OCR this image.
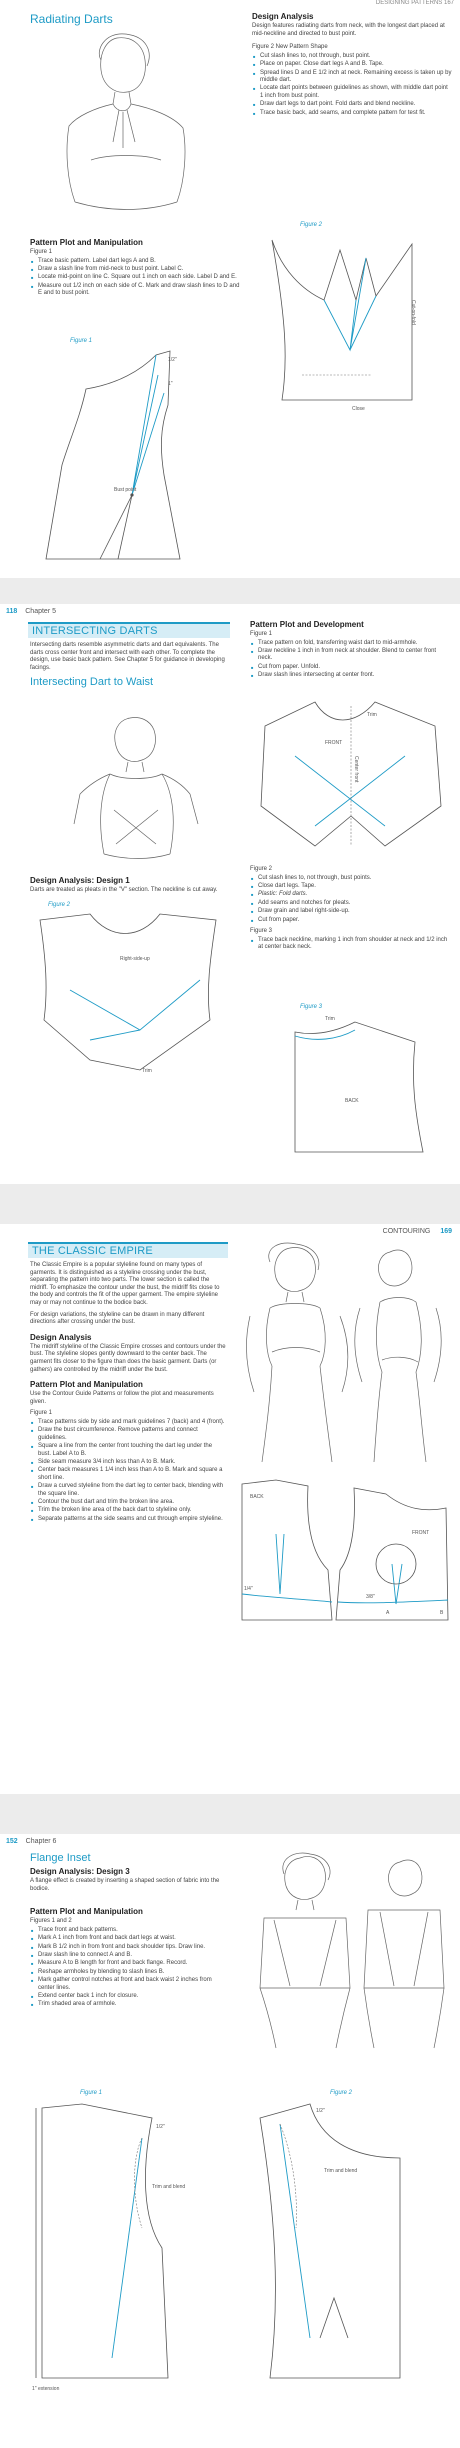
DESIGNING PATTERNS 167
Radiating Darts
Pattern Plot and Manipulation
Figure 1
■ Trace basic pattern. Label dart legs A and B.
■ Draw a slash line from mid-neck to bust point. Label C.
■ Locate mid-point on line C. Square out 1 inch on each side. Label D and E.
■ Measure out 1/2 inch on each side of C. Mark and draw slash lines to D and E and to bust point.
Figure 1
Bust point
1/2"
1"
Design Analysis
Design features radiating darts from neck, with the longest dart placed at mid-neckline and directed to bust point.
Figure 2 New Pattern Shape
■ Cut slash lines to, not through, bust point.
■ Place on paper. Close dart legs A and B. Tape.
■ Spread lines D and E 1/2 inch at neck. Remaining excess is taken up by middle dart.
■ Locate dart points between guidelines as shown, with middle dart point 1 inch from bust point.
■ Draw dart legs to dart point. Fold darts and blend neckline.
■ Trace basic back, add seams, and complete pattern for test fit.
Figure 2
Cut-on-fold
Close
118 Chapter 5
INTERSECTING DARTS
Intersecting darts resemble asymmetric darts and dart equivalents. The darts cross center front and intersect with each other. To complete the design, use basic back pattern. See Chapter 5 for guidance in developing facings.
Intersecting Dart to Waist
Design Analysis: Design 1
Darts are treated as pleats in the "V" section. The neckline is cut away.
Figure 2
Right-side-up
Trim
Pattern Plot and Development
Figure 1
■ Trace pattern on fold, transferring waist dart to mid-armhole.
■ Draw neckline 1 inch in from neck at shoulder. Blend to center front neck.
■ Cut from paper. Unfold.
■ Draw slash lines intersecting at center front.
FRONT
Center front
Trim
Figure 2
■ Cut slash lines to, not through, bust points.
■ Close dart legs. Tape.
■ Plastic: Fold darts.
■ Add seams and notches for pleats.
■ Draw grain and label right-side-up.
■ Cut from paper.
Figure 3
■ Trace back neckline, marking 1 inch from shoulder at neck and 1/2 inch at center back neck.
Figure 3
BACK
Trim
CONTOURING 169
THE CLASSIC EMPIRE
The Classic Empire is a popular styleline found on many types of garments. It is distinguished as a styleline crossing under the bust, separating the pattern into two parts. The lower section is called the midriff. To emphasize the contour under the bust, the midriff fits close to the body and controls the fit of the upper garment. The empire styleline may or may not continue to the bodice back.
For design variations, the styleline can be drawn in many different directions after crossing under the bust.
Design Analysis
The midriff styleline of the Classic Empire crosses and contours under the bust. The styleline slopes gently downward to the center back. The garment fits closer to the figure than does the basic garment. Darts (or gathers) are controlled by the midriff under the bust.
Pattern Plot and Manipulation
Use the Contour Guide Patterns or follow the plot and measurements given.
Figure 1
■ Trace patterns side by side and mark guidelines 7 (back) and 4 (front).
■ Draw the bust circumference. Remove patterns and connect guidelines.
■ Square a line from the center front touching the dart leg under the bust. Label A to B.
■ Side seam measure 3/4 inch less than A to B. Mark.
■ Center back measures 1 1/4 inch less than A to B. Mark and square a short line.
■ Draw a curved styleline from the dart leg to center back, blending with the square line.
■ Contour the bust dart and trim the broken line area.
■ Trim the broken line area of the back dart to styleline only.
■ Separate patterns at the side seams and cut through empire styleline.
BACK
FRONT
1/4"
3/8"
A	B
152 Chapter 6
Flange Inset
Design Analysis: Design 3
A flange effect is created by inserting a shaped section of fabric into the bodice.
Pattern Plot and Manipulation
Figures 1 and 2
■ Trace front and back patterns.
■ Mark A 1 inch from front and back dart legs at waist.
■ Mark B 1/2 inch in from front and back shoulder tips. Draw line.
■ Draw slash line to connect A and B.
■ Measure A to B length for front and back flange. Record.
■ Reshape armholes by blending to slash lines B.
■ Mark gather control notches at front and back waist 2 inches from center lines.
■ Extend center back 1 inch for closure.
■ Trim shaded area of armhole.
Figure 1
1/2"
Trim and blend
1" extension
Figure 2
1/2"
Trim and blend
